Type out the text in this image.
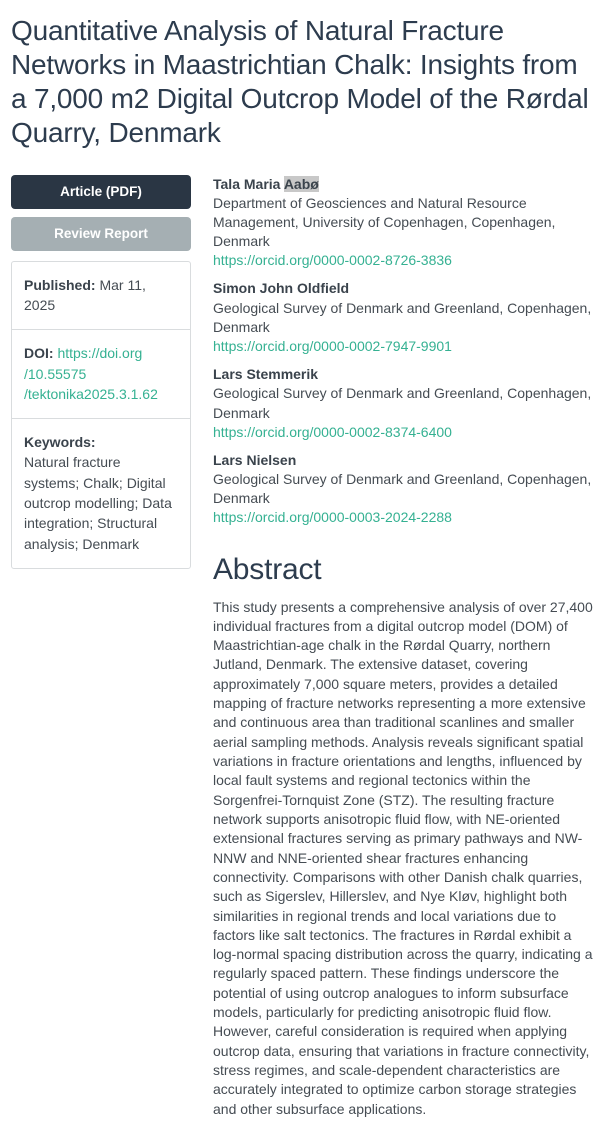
Quantitative Analysis of Natural Fracture Networks in Maastrichtian Chalk: Insights from a 7,000 m2 Digital Outcrop Model of the Rørdal Quarry, Denmark
Article (PDF)
Review Report
Published: Mar 11, 2025
DOI: https://doi.org
/10.55575
/tektonika2025.3.1.62
Keywords:
Natural fracture systems; Chalk; Digital outcrop modelling; Data integration; Structural analysis; Denmark
Tala Maria Aabø
Department of Geosciences and Natural Resource Management, University of Copenhagen, Copenhagen, Denmark
https://orcid.org/0000-0002-8726-3836
Simon John Oldfield
Geological Survey of Denmark and Greenland, Copenhagen, Denmark
https://orcid.org/0000-0002-7947-9901
Lars Stemmerik
Geological Survey of Denmark and Greenland, Copenhagen, Denmark
https://orcid.org/0000-0002-8374-6400
Lars Nielsen
Geological Survey of Denmark and Greenland, Copenhagen, Denmark
https://orcid.org/0000-0003-2024-2288
Abstract

This study presents a comprehensive analysis of over 27,400 individual fractures from a digital outcrop model (DOM) of Maastrichtian-age chalk in the Rørdal Quarry, northern Jutland, Denmark. The extensive dataset, covering approximately 7,000 square meters, provides a detailed mapping of fracture networks representing a more extensive and continuous area than traditional scanlines and smaller aerial sampling methods. Analysis reveals significant spatial variations in fracture orientations and lengths, influenced by local fault systems and regional tectonics within the Sorgenfrei-Tornquist Zone (STZ). The resulting fracture network supports anisotropic fluid flow, with NE-oriented extensional fractures serving as primary pathways and NW-NNW and NNE-oriented shear fractures enhancing connectivity. Comparisons with other Danish chalk quarries, such as Sigerslev, Hillerslev, and Nye Kløv, highlight both similarities in regional trends and local variations due to factors like salt tectonics. The fractures in Rørdal exhibit a log-normal spacing distribution across the quarry, indicating a regularly spaced pattern. These findings underscore the potential of using outcrop analogues to inform subsurface models, particularly for predicting anisotropic fluid flow. However, careful consideration is required when applying outcrop data, ensuring that variations in fracture connectivity, stress regimes, and scale-dependent characteristics are accurately integrated to optimize carbon storage strategies and other subsurface applications.
